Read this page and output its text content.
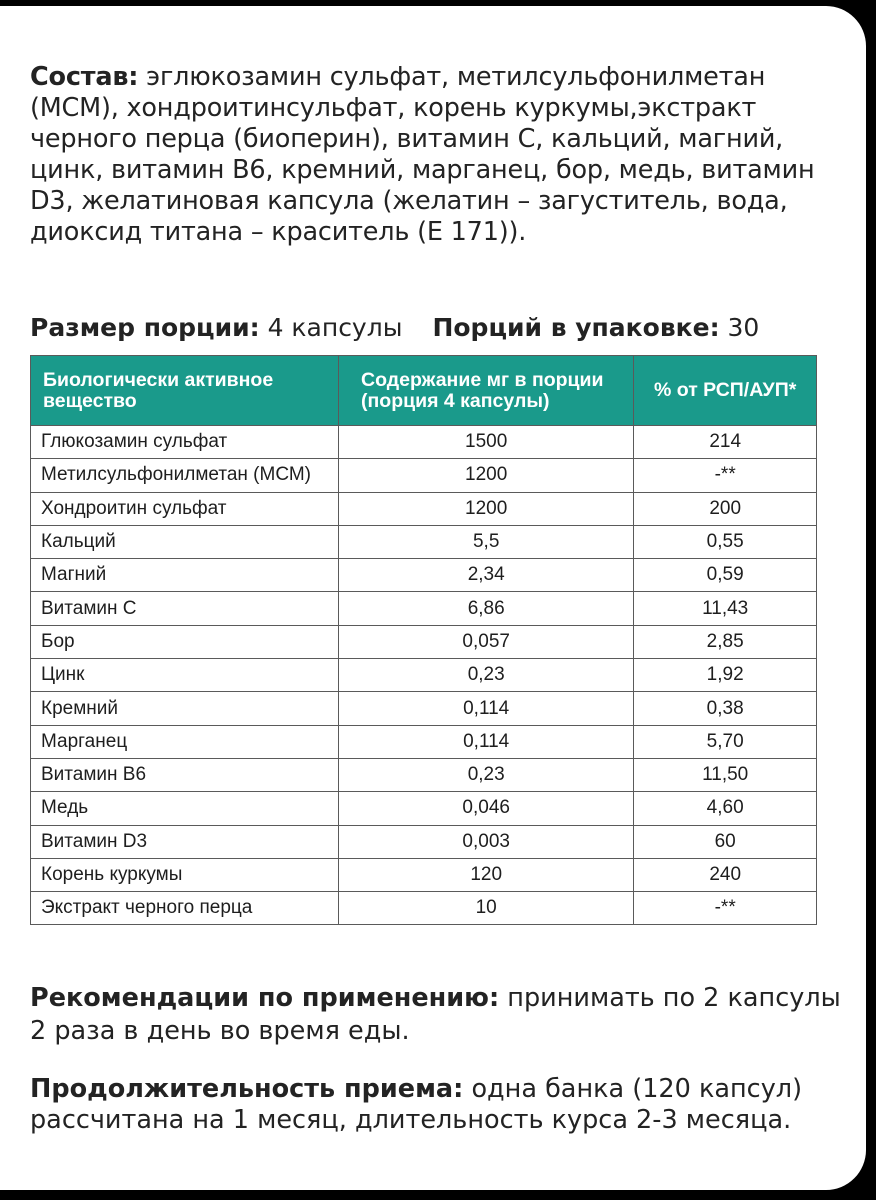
Состав: эглюкозамин сульфат, метилсульфонилметан (МСМ), хондроитинсульфат, корень куркумы,экстракт черного перца (биоперин), витамин С, кальций, магний, цинк, витамин В6, кремний, марганец, бор, медь, витамин D3, желатиновая капсула (желатин – загуститель, вода, диоксид титана – краситель (Е 171)).
Размер порции: 4 капсулы Порций в упаковке: 30
Биологически активное вещество	Содержание мг в порции (порция 4 капсулы)	% от РСП/АУП*
Глюкозамин сульфат	1500	214
Метилсульфонилметан (МСМ)	1200	-**
Хондроитин сульфат	1200	200
Кальций	5,5	0,55
Магний	2,34	0,59
Витамин С	6,86	11,43
Бор	0,057	2,85
Цинк	0,23	1,92
Кремний	0,114	0,38
Марганец	0,114	5,70
Витамин В6	0,23	11,50
Медь	0,046	4,60
Витамин D3	0,003	60
Корень куркумы	120	240
Экстракт черного перца	10	-**
Рекомендации по применению: принимать по 2 капсулы 2 раза в день во время еды.
Продолжительность приема: одна банка (120 капсул) рассчитана на 1 месяц, длительность курса 2-3 месяца.
